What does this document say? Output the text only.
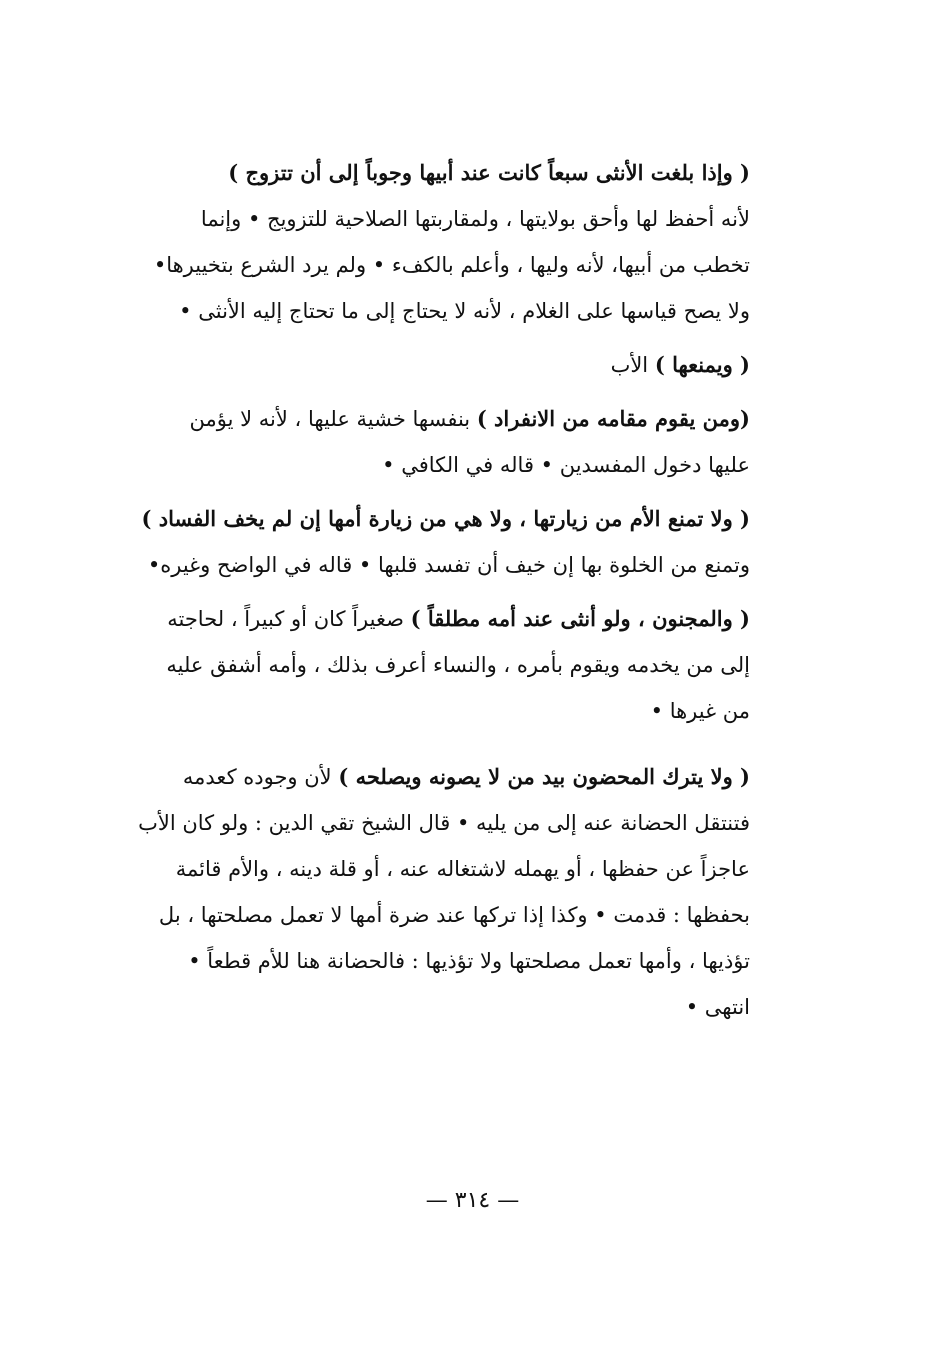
( وإذا بلغت الأنثى سبعاً كانت عند أبيها وجوباً إلى أن تتزوج )
لأنه أحفظ لها وأحق بولايتها ، ولمقاربتها الصلاحية للتزويج • وإنما
تخطب من أبيها، لأنه وليها ، وأعلم بالكفء • ولم يرد الشرع بتخييرها•
ولا يصح قياسها على الغلام ، لأنه لا يحتاج إلى ما تحتاج إليه الأنثى •

( ويمنعها ) الأب

(ومن يقوم مقامه من الانفراد ) بنفسها خشية عليها ، لأنه لا يؤمن
عليها دخول المفسدين • قاله في الكافي •

( ولا تمنع الأم من زيارتها ، ولا هي من زيارة أمها إن لم يخف الفساد )
وتمنع من الخلوة بها إن خيف أن تفسد قلبها • قاله في الواضح وغيره•

( والمجنون ، ولو أنثى عند أمه مطلقاً ) صغيراً كان أو كبيراً ، لحاجته
إلى من يخدمه ويقوم بأمره ، والنساء أعرف بذلك ، وأمه أشفق عليه
من غيرها •

( ولا يترك المحضون بيد من لا يصونه ويصلحه ) لأن وجوده كعدمه
فتنتقل الحضانة عنه إلى من يليه • قال الشيخ تقي الدين : ولو كان الأب
عاجزاً عن حفظها ، أو يهمله لاشتغاله عنه ، أو قلة دينه ، والأم قائمة
بحفظها : قدمت • وكذا إذا تركها عند ضرة أمها لا تعمل مصلحتها ، بل
تؤذيها ، وأمها تعمل مصلحتها ولا تؤذيها : فالحضانة هنا للأم قطعاً •
انتهى •

— ٣١٤ —
